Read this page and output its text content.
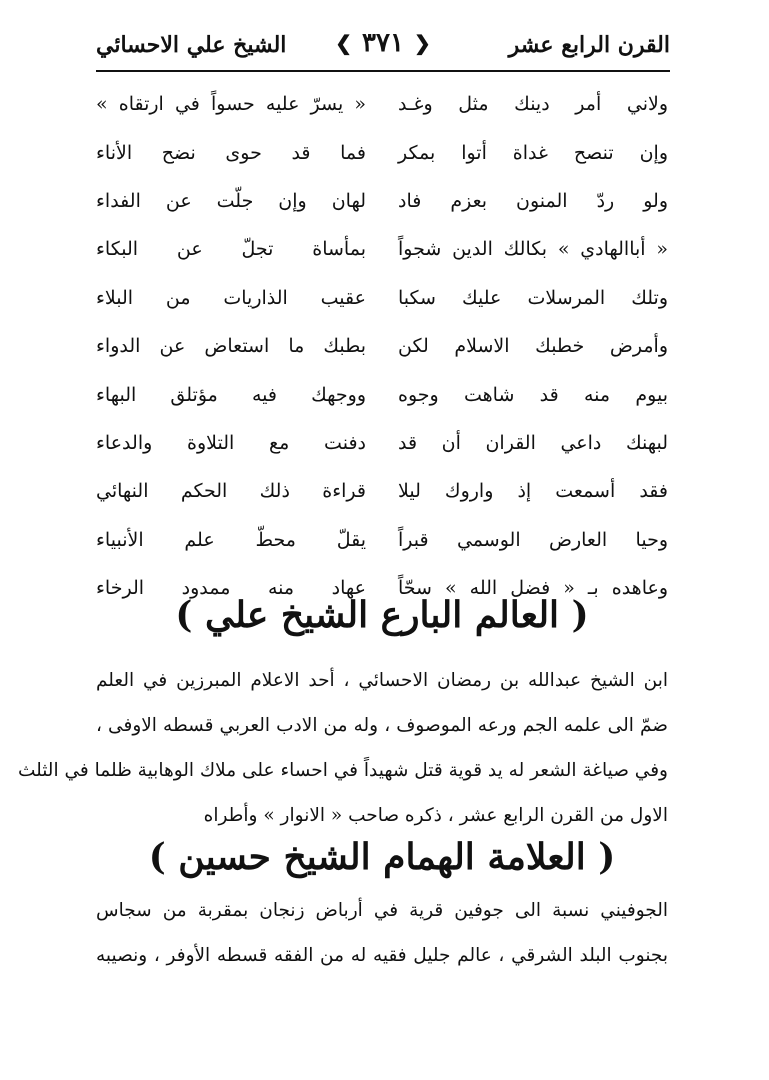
القرن الرابع عشر
❮ ٣٧١ ❯
الشيخ علي الاحسائي
ولاني أمر دينك مثل وغـد
« يسرّ عليه حسواً في ارتقاه »
وإن تنصح غداة أتوا بمكر
فما قد حوى نضح الأناء
ولو ردّ المنون بعزم فاد
لهان وإن جلّت عن الفداء
« أباالهادي » بكالك الدين شجواً
بمأساة تجلّ عن البكاء
وتلك المرسلات عليك سكبا
عقيب الذاريات من البلاء
وأمرض خطبك الاسلام لكن
بطبك ما استعاض عن الدواء
بيوم منه قد شاهت وجوه
ووجهك فيه مؤتلق البهاء
لبهنك داعي القران أن قد
دفنت مع التلاوة والدعاء
فقد أسمعت إذ واروك ليلا
قراءة ذلك الحكم النهائي
وحيا العارض الوسمي قبراً
يقلّ محطّ علم الأنبياء
وعاهده بـ « فضل الله » سحّاً
عهاد منه ممدود الرخاء
( العالم البارع الشيخ علي )
ابن الشيخ عبدالله بن رمضان الاحسائي ، أحد الاعلام المبرزين في العلم
ضمّ الى علمه الجم ورعه الموصوف ، وله من الادب العربي قسطه الاوفى ،
وفي صياغة الشعر له يد قوية قتل شهيداً في احساء على ملاك الوهابية ظلما في الثلث
الاول من القرن الرابع عشر ، ذكره صاحب « الانوار » وأطراه
( العلامة الهمام الشيخ حسين )
الجوفيني نسبة الى جوفين قرية في أرباض زنجان بمقربة من سجاس
بجنوب البلد الشرقي ، عالم جليل فقيه له من الفقه قسطه الأوفر ، ونصيبه
